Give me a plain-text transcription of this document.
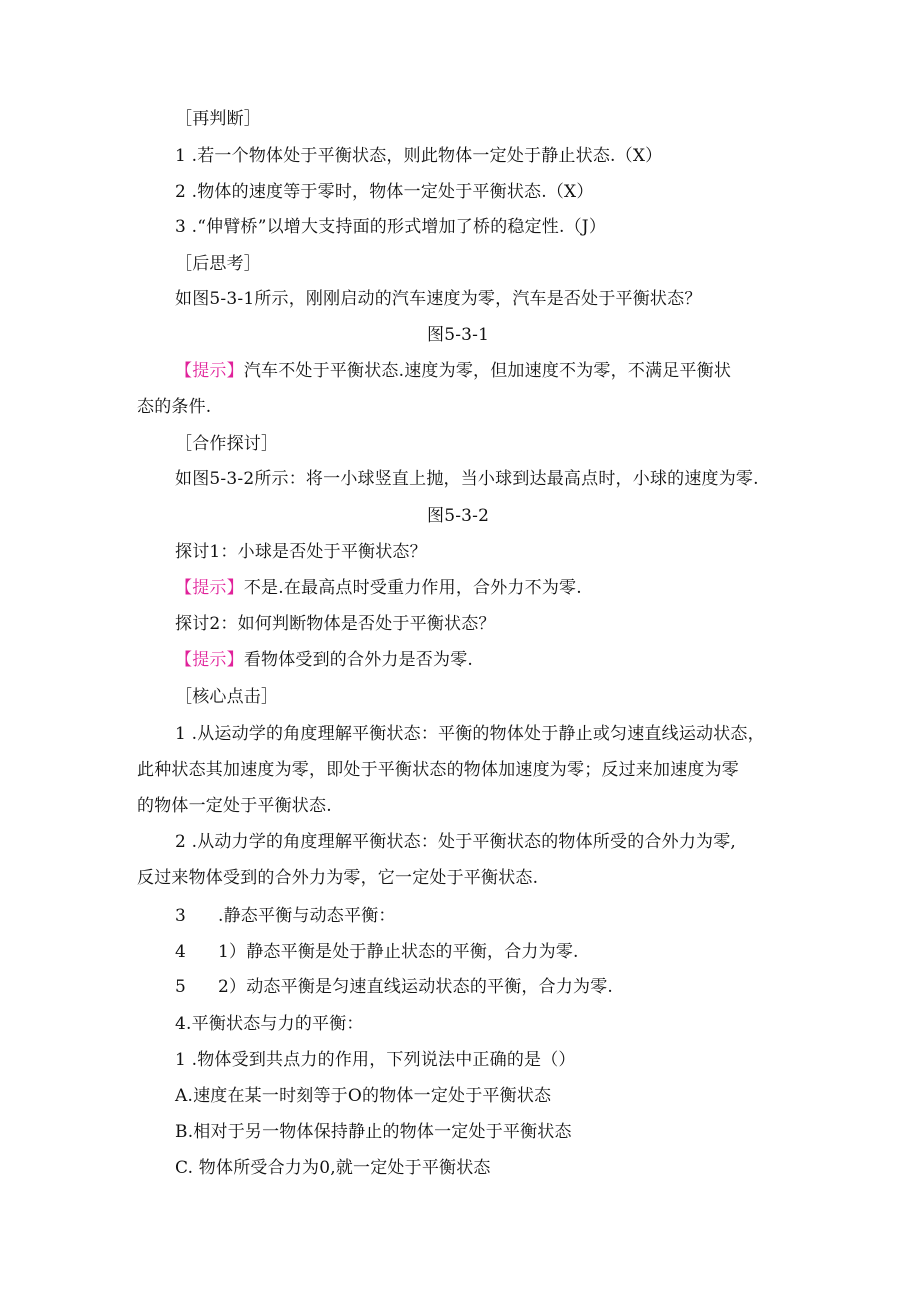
［再判断］
1 .若一个物体处于平衡状态，则此物体一定处于静止状态.（X）
2 .物体的速度等于零时，物体一定处于平衡状态.（X）
3 .“伸臂桥”以增大支持面的形式增加了桥的稳定性.（J）
［后思考］
如图5-3-1所示，刚刚启动的汽车速度为零，汽车是否处于平衡状态？
图5-3-1
【提示】汽车不处于平衡状态.速度为零，但加速度不为零，不满足平衡状
态的条件.
［合作探讨］
如图5-3-2所示：将一小球竖直上抛，当小球到达最高点时，小球的速度为零.
图5-3-2
探讨1：小球是否处于平衡状态？
【提示】不是.在最高点时受重力作用，合外力不为零.
探讨2：如何判断物体是否处于平衡状态？
【提示】看物体受到的合外力是否为零.
［核心点击］
1 .从运动学的角度理解平衡状态：平衡的物体处于静止或匀速直线运动状态，
此种状态其加速度为零，即处于平衡状态的物体加速度为零；反过来加速度为零
的物体一定处于平衡状态.
2 .从动力学的角度理解平衡状态：处于平衡状态的物体所受的合外力为零,
反过来物体受到的合外力为零，它一定处于平衡状态.
3 .静态平衡与动态平衡：
4 1）静态平衡是处于静止状态的平衡，合力为零.
5 2）动态平衡是匀速直线运动状态的平衡，合力为零.
4.平衡状态与力的平衡：
1 .物体受到共点力的作用，下列说法中正确的是（）
A.速度在某一时刻等于O的物体一定处于平衡状态
B.相对于另一物体保持静止的物体一定处于平衡状态
C. 物体所受合力为0,就一定处于平衡状态
